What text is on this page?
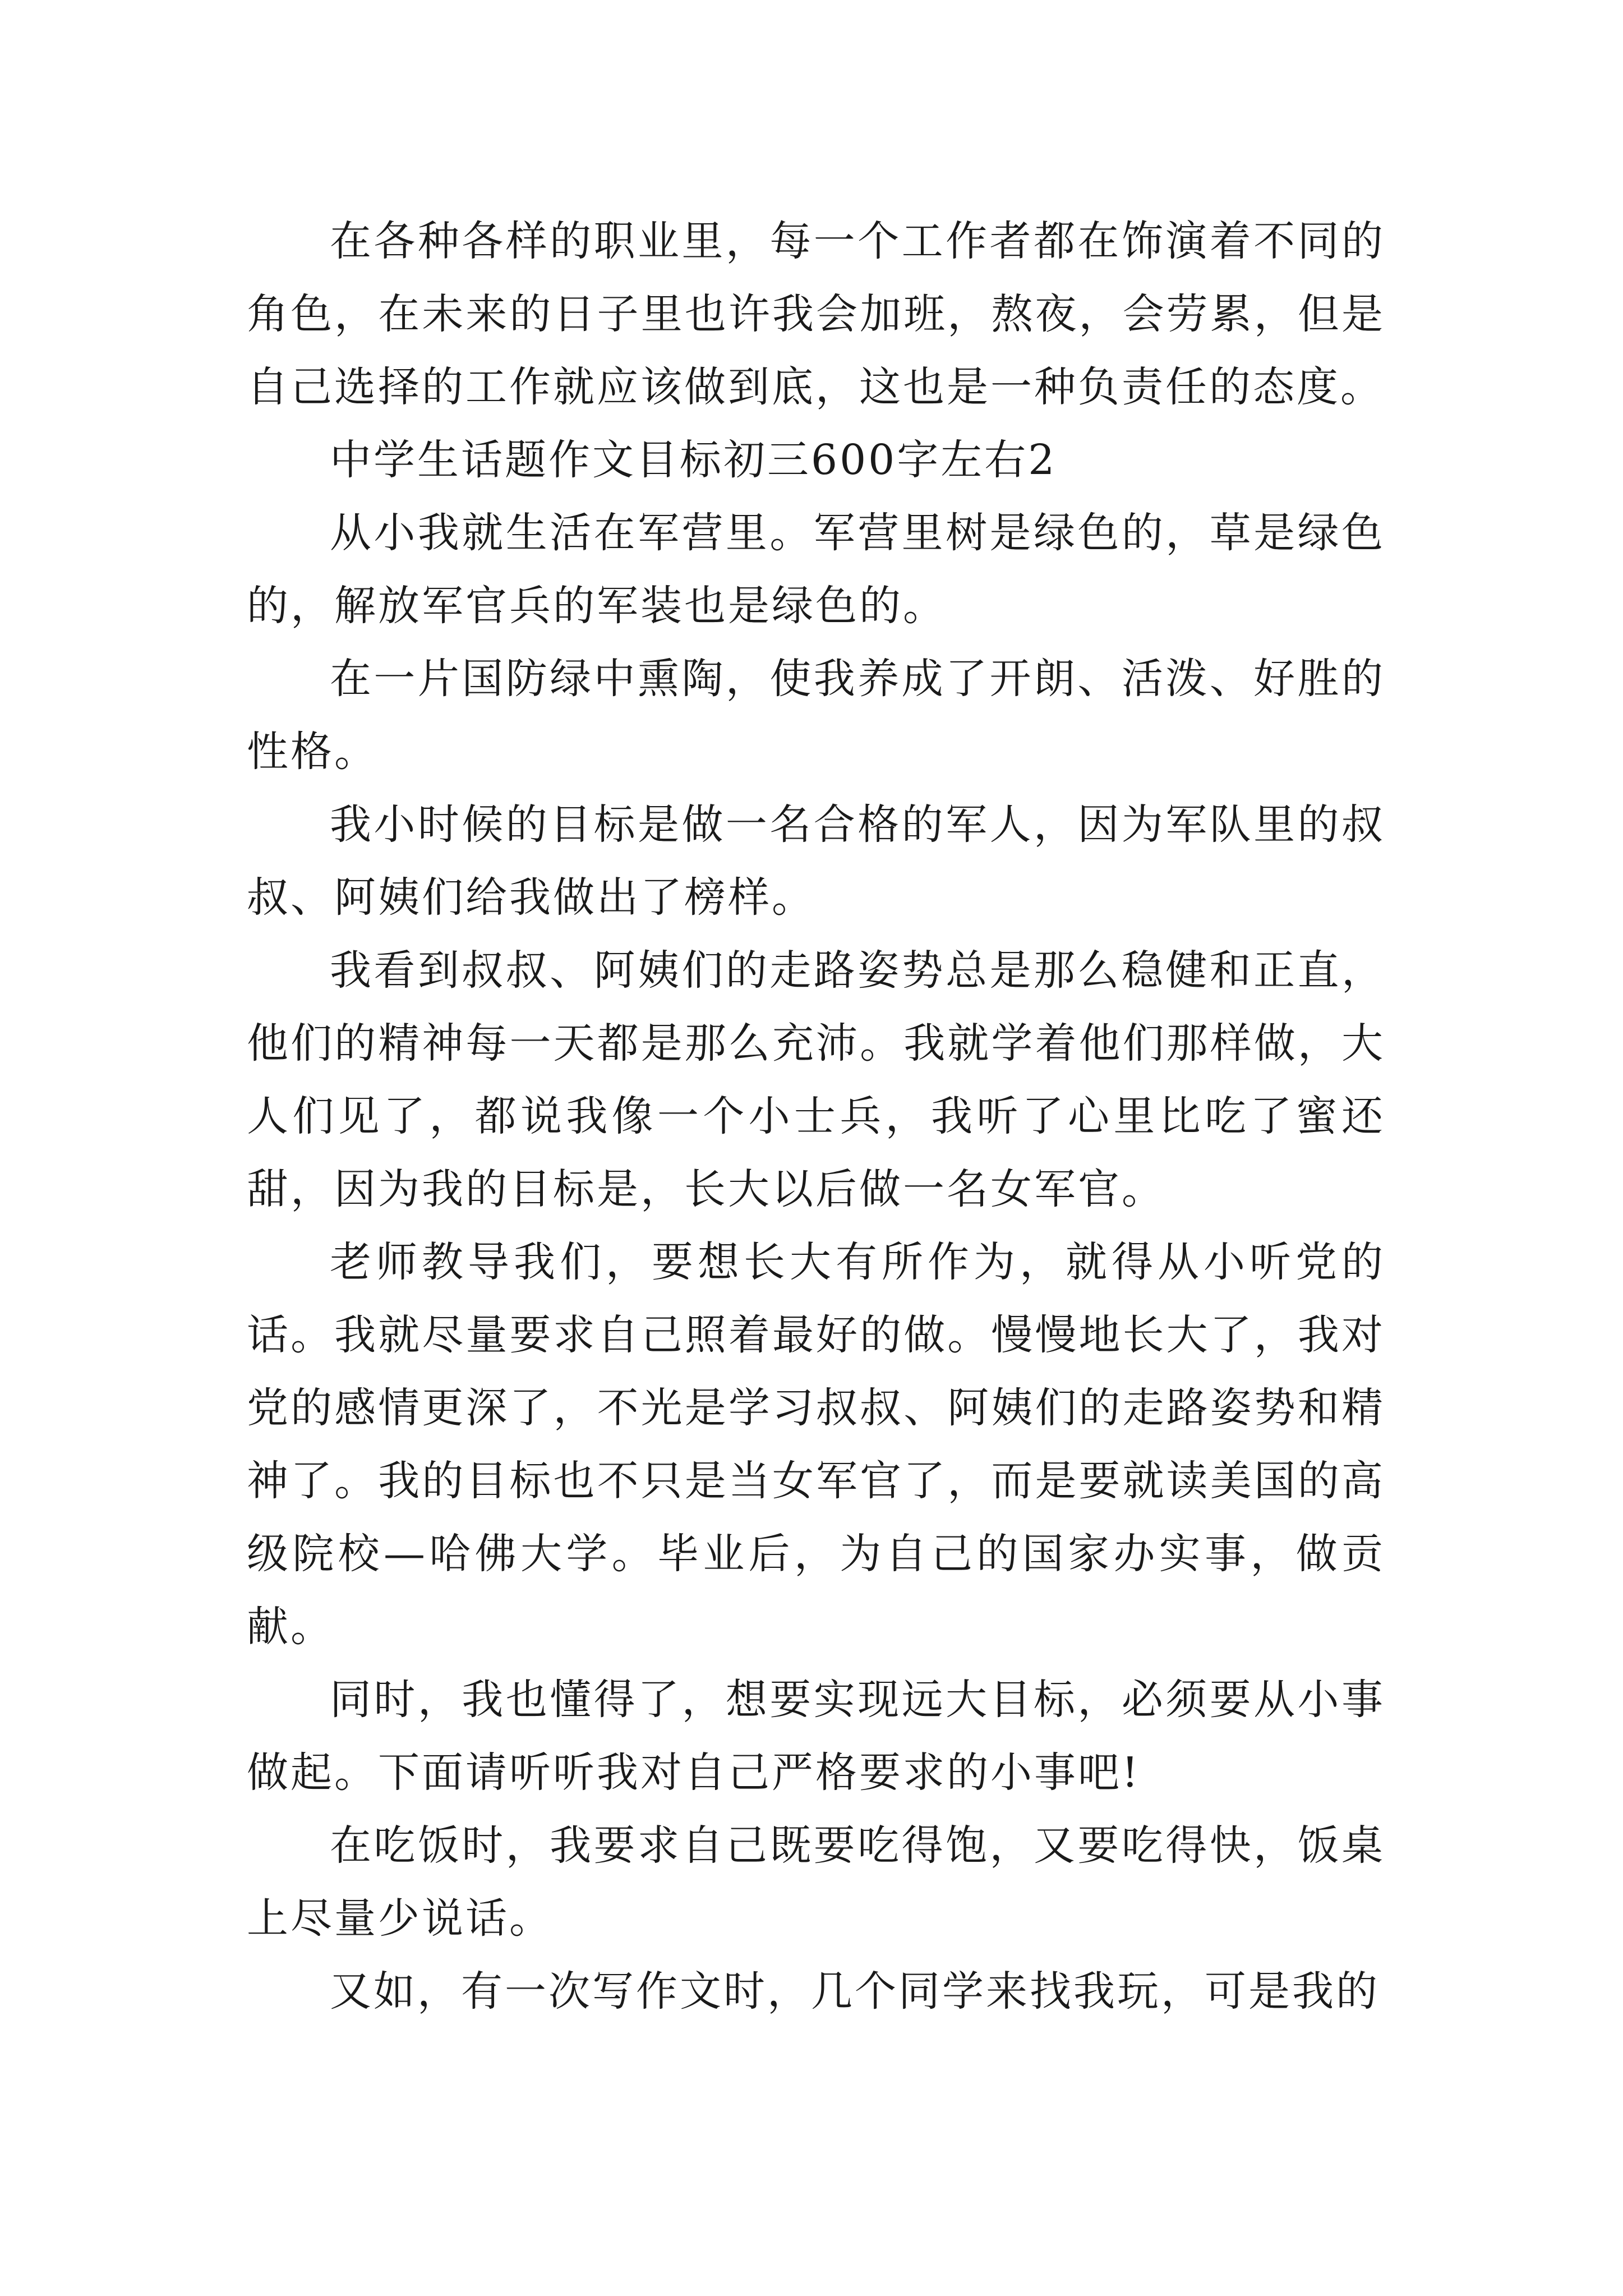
在各种各样的职业里，每一个工作者都在饰演着不同的角色，在未来的日子里也许我会加班，熬夜，会劳累，但是自己选择的工作就应该做到底，这也是一种负责任的态度。

中学生话题作文目标初三600字左右2

从小我就生活在军营里。军营里树是绿色的，草是绿色的，解放军官兵的军装也是绿色的。

在一片国防绿中熏陶，使我养成了开朗、活泼、好胜的性格。

我小时候的目标是做一名合格的军人，因为军队里的叔叔、阿姨们给我做出了榜样。

我看到叔叔、阿姨们的走路姿势总是那么稳健和正直，他们的精神每一天都是那么充沛。我就学着他们那样做，大人们见了，都说我像一个小士兵，我听了心里比吃了蜜还甜，因为我的目标是，长大以后做一名女军官。

老师教导我们，要想长大有所作为，就得从小听党的话。我就尽量要求自己照着最好的做。慢慢地长大了，我对党的感情更深了，不光是学习叔叔、阿姨们的走路姿势和精神了。我的目标也不只是当女军官了，而是要就读美国的高级院校—哈佛大学。毕业后，为自己的国家办实事，做贡献。

同时，我也懂得了，想要实现远大目标，必须要从小事做起。下面请听听我对自己严格要求的小事吧!

在吃饭时，我要求自己既要吃得饱，又要吃得快，饭桌上尽量少说话。

又如，有一次写作文时，几个同学来找我玩，可是我的
